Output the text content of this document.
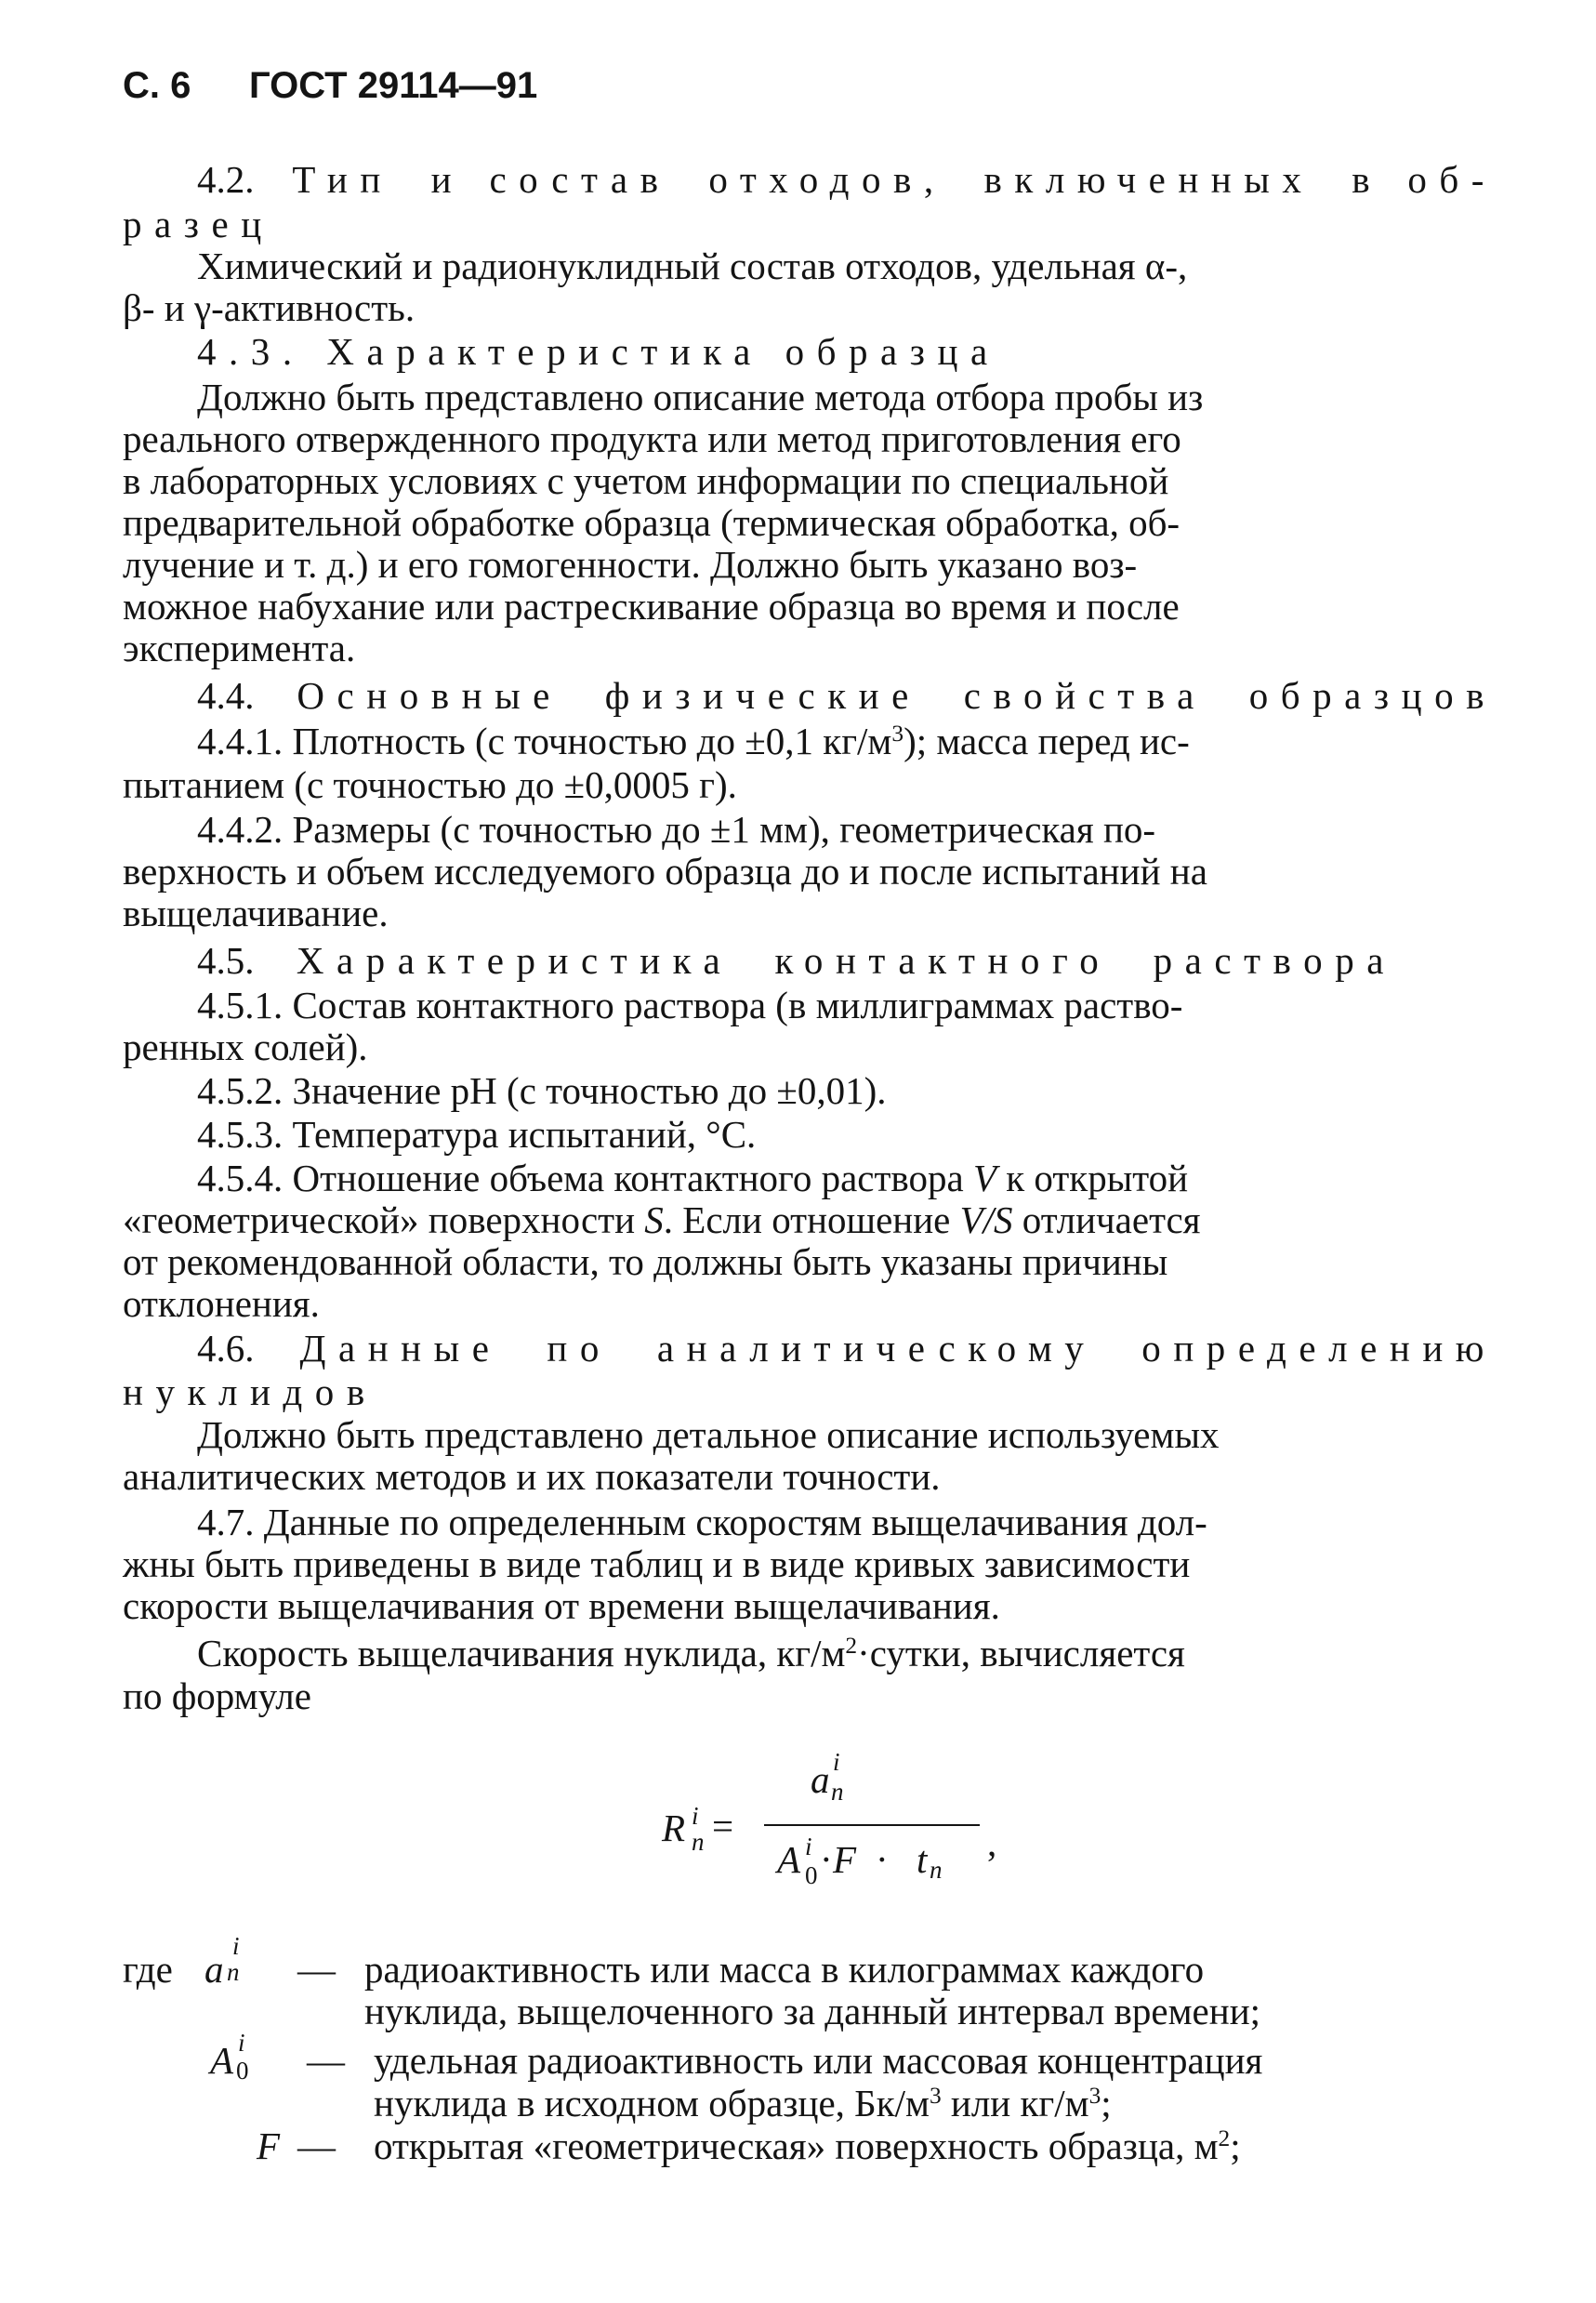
С. 6 ГОСТ 29114—91
4.2. Тип и состав отходов, включенных в об-
разец
Химический и радионуклидный состав отходов, удельная α-,
β- и γ-активность.
4.3. Характеристика образца
Должно быть представлено описание метода отбора пробы из
реального отвержденного продукта или метод приготовления его
в лабораторных условиях с учетом информации по специальной
предварительной обработке образца (термическая обработка, об-
лучение и т. д.) и его гомогенности. Должно быть указано воз-
можное набухание или растрескивание образца во время и после
эксперимента.
4.4. Основные физические свойства образцов
4.4.1. Плотность (с точностью до ±0,1 $кг/м^3$); масса перед ис-
пытанием (с точностью до ±0,0005 г).
4.4.2. Размеры (с точностью до ±1 мм), геометрическая по-
верхность и объем исследуемого образца до и после испытаний на
выщелачивание.
4.5. Характеристика контактного раствора
4.5.1. Состав контактного раствора (в миллиграммах раство-
ренных солей).
4.5.2. Значение рН (с точностью до ±0,01).
4.5.3. Температура испытаний, °С.
4.5.4. Отношение объема контактного раствора V к открытой
«геометрической» поверхности S. Если отношение V/S отличается
от рекомендованной области, то должны быть указаны причины
отклонения.
4.6. Данные по аналитическому определению
нуклидов
Должно быть представлено детальное описание используемых
аналитических методов и их показатели точности.
4.7. Данные по определенным скоростям выщелачивания дол-
жны быть приведены в виде таблиц и в виде кривых зависимости
скорости выщелачивания от времени выщелачивания.
Скорость выщелачивания нуклида, $кг/м^2\cdot сутки$, вычисляется
по формуле
R i
n =
a i
n
A i
0 · F · t n
,
где a
i
n — радиоактивность или масса в килограммах каждого
нуклида, выщелоченного за данный интервал времени;
A i
0 — удельная радиоактивность или массовая концентрация
нуклида в исходном образце, $Бк/м^3$ или $кг/м^3$;
F — открытая «геометрическая» поверхность образца, $м^2$;
